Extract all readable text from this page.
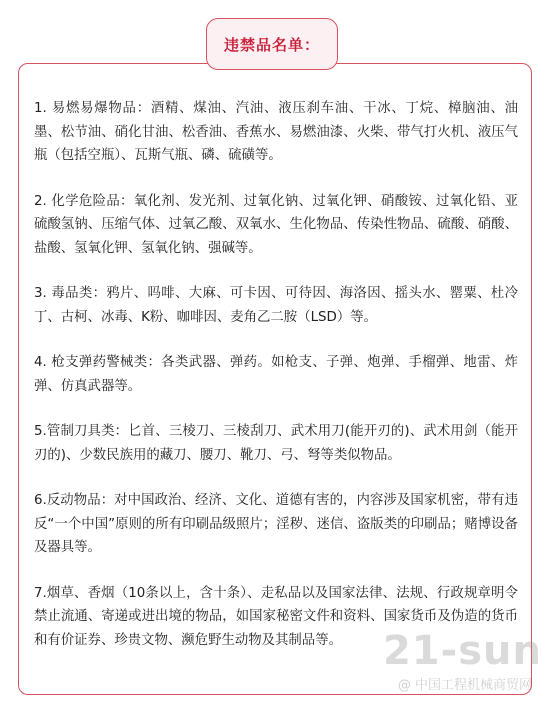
违禁品名单：

1. 易燃易爆物品：酒精、煤油、汽油、液压刹车油、干冰、丁烷、樟脑油、油墨、松节油、硝化甘油、松香油、香蕉水、易燃油漆、火柴、带气打火机、液压气瓶（包括空瓶）、瓦斯气瓶、磷、硫磺等。

2. 化学危险品：氧化剂、发光剂、过氧化钠、过氧化钾、硝酸铵、过氧化铅、亚硫酸氢钠、压缩气体、过氧乙酸、双氧水、生化物品、传染性物品、硫酸、硝酸、盐酸、氢氧化钾、氢氧化钠、强碱等。

3. 毒品类：鸦片、吗啡、大麻、可卡因、可待因、海洛因、摇头水、罂粟、杜冷丁、古柯、冰毒、K粉、咖啡因、麦角乙二胺（LSD）等。

4. 枪支弹药警械类：各类武器、弹药。如枪支、子弹、炮弹、手榴弹、地雷、炸弹、仿真武器等。

5.管制刀具类：匕首、三棱刀、三棱刮刀、武术用刀(能开刃的)、武术用剑（能开刃的)、少数民族用的藏刀、腰刀、靴刀、弓、弩等类似物品。

6.反动物品：对中国政治、经济、文化、道德有害的，内容涉及国家机密，带有违反“一个中国”原则的所有印刷品级照片；淫秽、迷信、盗版类的印刷品；赌博设备及器具等。

7.烟草、香烟（10条以上，含十条）、走私品以及国家法律、法规、行政规章明令禁止流通、寄递或进出境的物品，如国家秘密文件和资料、国家货币及伪造的货币和有价证券、珍贵文物、濒危野生动物及其制品等。	21-sun
@ 中国工程机械商贸网
